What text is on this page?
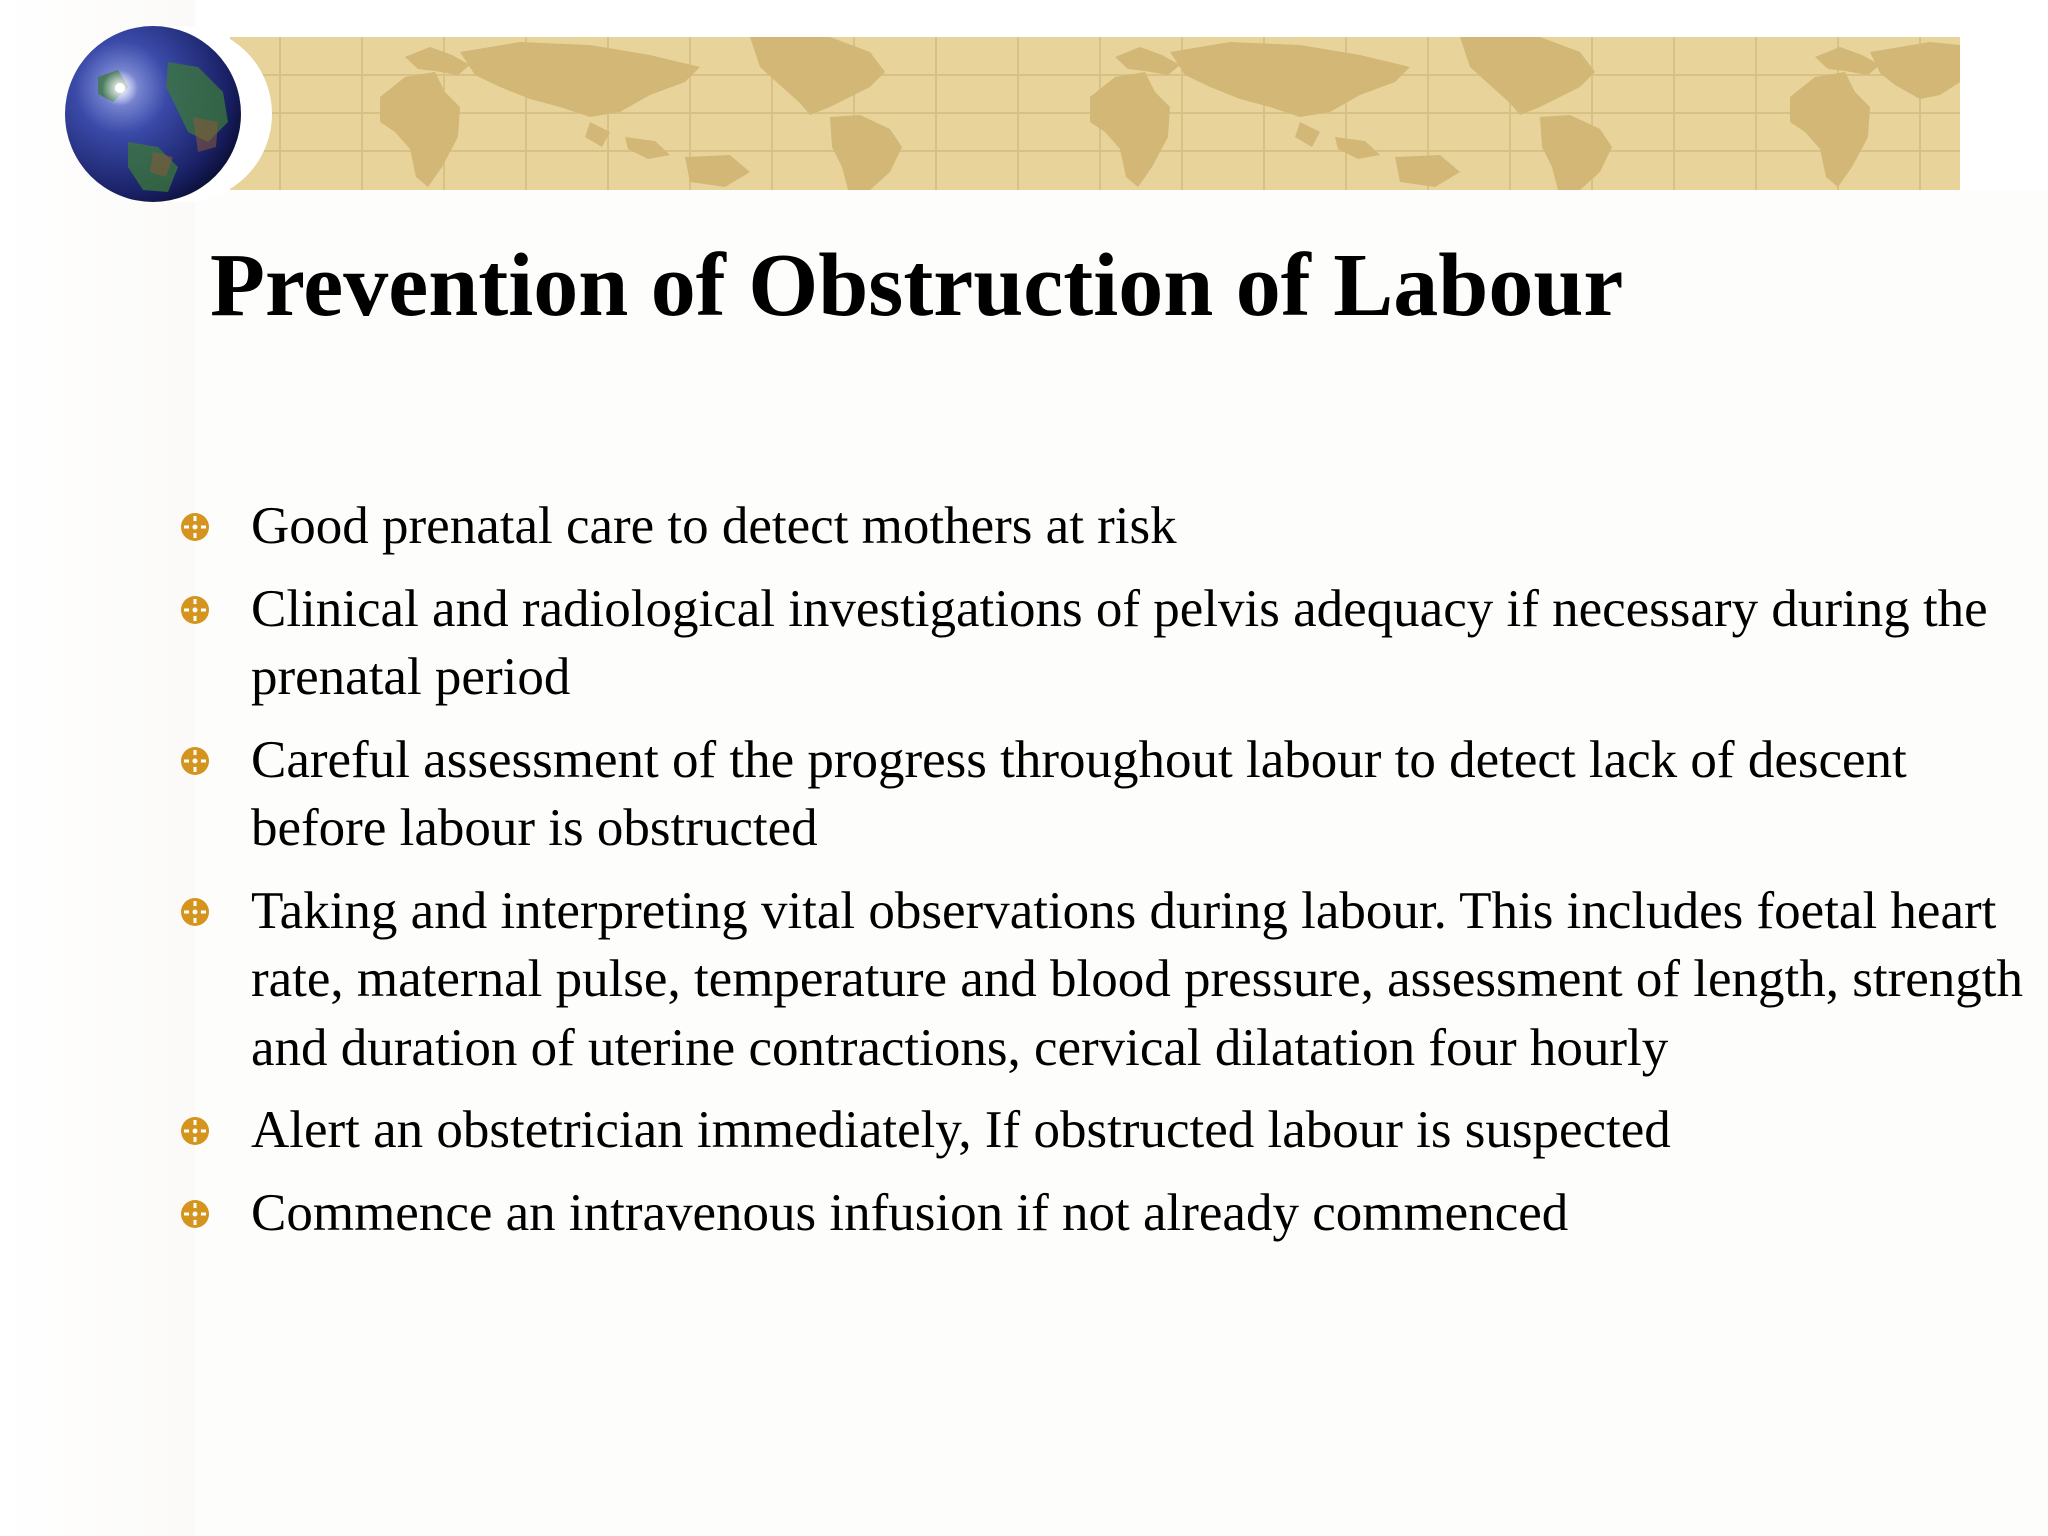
Prevention of Obstruction of Labour
Good prenatal care to detect mothers at risk
Clinical and radiological investigations of pelvis adequacy if necessary during the prenatal period
Careful assessment of the progress throughout labour to detect lack of descent before labour is obstructed
Taking and interpreting vital observations during labour. This includes foetal heart rate, maternal pulse, temperature and blood pressure, assessment of length, strength and duration of uterine contractions, cervical dilatation four hourly
Alert an obstetrician immediately, If obstructed labour is suspected
Commence an intravenous infusion if not already commenced
